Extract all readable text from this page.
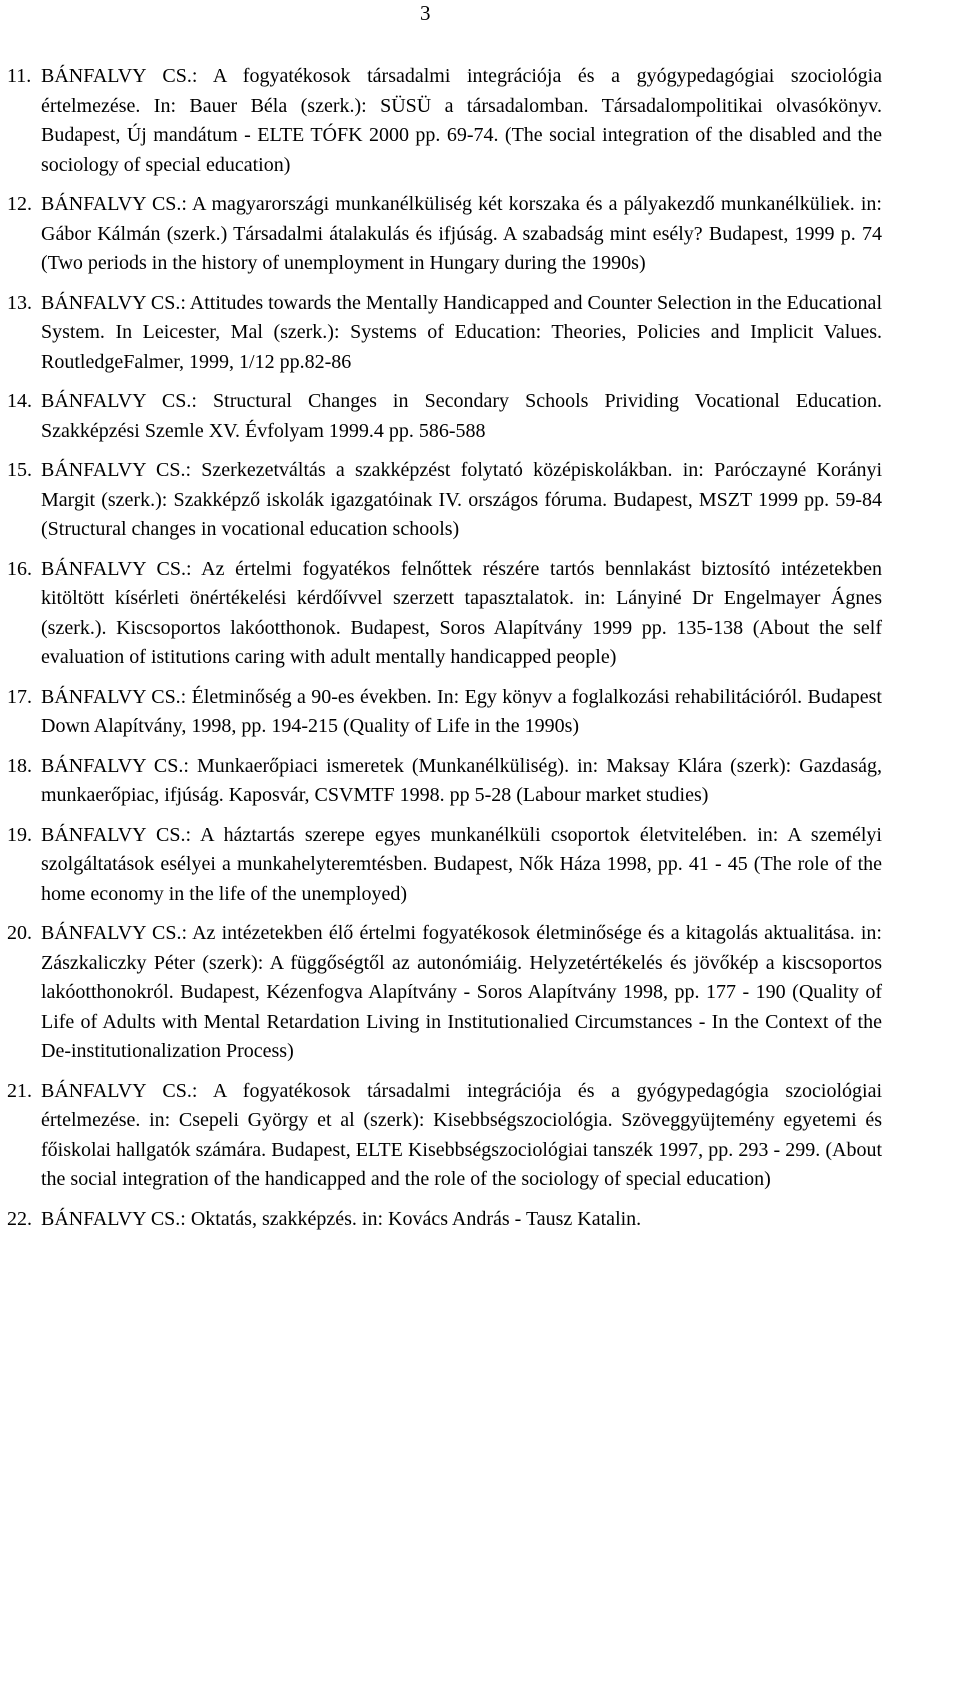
3
11. BÁNFALVY CS.: A fogyatékosok társadalmi integrációja és a gyógypedagógiai szociológia értelmezése. In: Bauer Béla (szerk.): SÜSÜ a társadalomban. Társadalompolitikai olvasókönyv. Budapest, Új mandátum - ELTE TÓFK 2000 pp. 69-74. (The social integration of the disabled and the sociology of special education)
12. BÁNFALVY CS.: A magyarországi munkanélküliség két korszaka és a pályakezdő munkanélküliek. in: Gábor Kálmán (szerk.) Társadalmi átalakulás és ifjúság. A szabadság mint esély? Budapest, 1999 p. 74 (Two periods in the history of unemployment in Hungary during the 1990s)
13. BÁNFALVY CS.: Attitudes towards the Mentally Handicapped and Counter Selection in the Educational System. In Leicester, Mal (szerk.): Systems of Education: Theories, Policies and Implicit Values. RoutledgeFalmer, 1999, 1/12 pp.82-86
14. BÁNFALVY CS.: Structural Changes in Secondary Schools Prividing Vocational Education. Szakképzési Szemle XV. Évfolyam 1999.4 pp. 586-588
15. BÁNFALVY CS.: Szerkezetváltás a szakképzést folytató középiskolákban. in: Paróczayné Korányi Margit (szerk.): Szakképző iskolák igazgatóinak IV. országos fóruma. Budapest, MSZT 1999 pp. 59-84 (Structural changes in vocational education schools)
16. BÁNFALVY CS.: Az értelmi fogyatékos felnőttek részére tartós bennlakást biztosító intézetekben kitöltött kísérleti önértékelési kérdőívvel szerzett tapasztalatok. in: Lányiné Dr Engelmayer Ágnes (szerk.). Kiscsoportos lakóotthonok. Budapest, Soros Alapítvány 1999 pp. 135-138 (About the self evaluation of istitutions caring with adult mentally handicapped people)
17. BÁNFALVY CS.: Életminőség a 90-es években. In: Egy könyv a foglalkozási rehabilitációról. Budapest Down Alapítvány, 1998, pp. 194-215 (Quality of Life in the 1990s)
18. BÁNFALVY CS.: Munkaerőpiaci ismeretek (Munkanélküliség). in: Maksay Klára (szerk): Gazdaság, munkaerőpiac, ifjúság. Kaposvár, CSVMTF 1998. pp 5-28 (Labour market studies)
19. BÁNFALVY CS.: A háztartás szerepe egyes munkanélküli csoportok életvitelében. in: A személyi szolgáltatások esélyei a munkahelyteremtésben. Budapest, Nők Háza 1998, pp. 41 - 45 (The role of the home economy in the life of the unemployed)
20. BÁNFALVY CS.: Az intézetekben élő értelmi fogyatékosok életminősége és a kitagolás aktualitása. in: Zászkaliczky Péter (szerk): A függőségtől az autonómiáig. Helyzetértékelés és jövőkép a kiscsoportos lakóotthonokról. Budapest, Kézenfogva Alapítvány - Soros Alapítvány 1998, pp. 177 - 190 (Quality of Life of Adults with Mental Retardation Living in Institutionalied Circumstances - In the Context of the De-institutionalization Process)
21. BÁNFALVY CS.: A fogyatékosok társadalmi integrációja és a gyógypedagógia szociológiai értelmezése. in: Csepeli György et al (szerk): Kisebbségszociológia. Szöveggyüjtemény egyetemi és főiskolai hallgatók számára. Budapest, ELTE Kisebbségszociológiai tanszék 1997, pp. 293 - 299. (About the social integration of the handicapped and the role of the sociology of special education)
22. BÁNFALVY CS.: Oktatás, szakképzés. in: Kovács András - Tausz Katalin.
